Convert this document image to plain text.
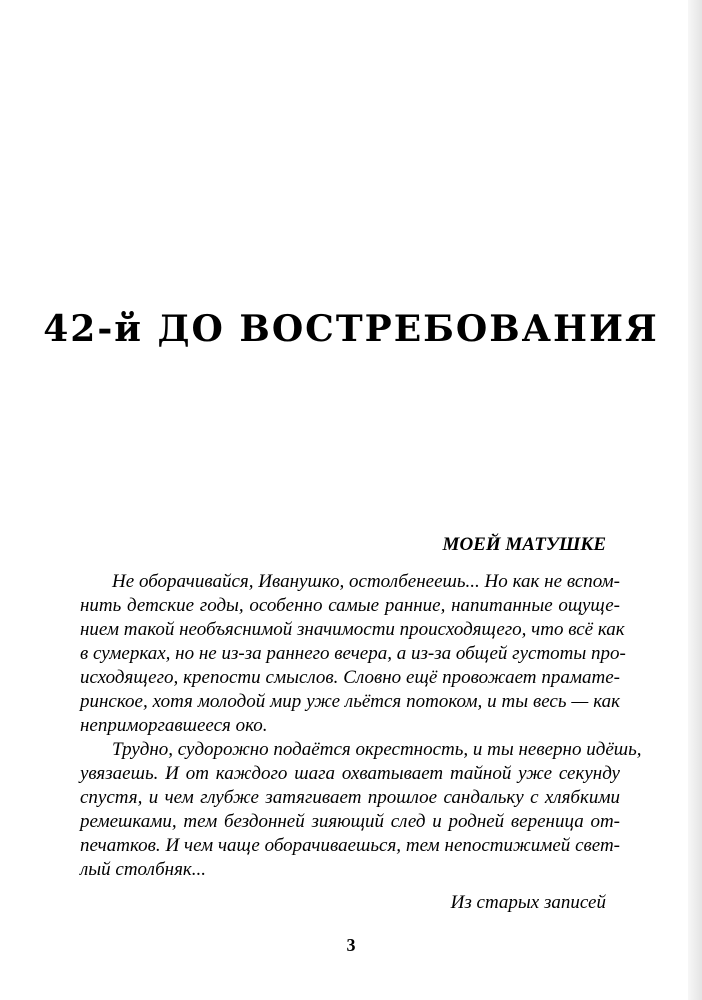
42-й ДО ВОСТРЕБОВАНИЯ
МОЕЙ МАТУШКЕ
Не оборачивайся, Иванушко, остолбенеешь... Но как не вспом-
нить детские годы, особенно самые ранние, напитанные ощуще-
нием такой необъяснимой значимости происходящего, что всё как
в сумерках, но не из-за раннего вечера, а из-за общей густоты про-
исходящего, крепости смыслов. Словно ещё провожает прамате-
ринское, хотя молодой мир уже льётся потоком, и ты весь — как
неприморгавшееся око.
Трудно, судорожно подаётся окрестность, и ты неверно идёшь,
увязаешь. И от каждого шага охватывает тайной уже секунду
спустя, и чем глубже затягивает прошлое сандальку с хлябкими
ремешками, тем бездонней зияющий след и родней вереница от-
печатков. И чем чаще оборачиваешься, тем непостижимей свет-
лый столбняк...
Из старых записей
3
